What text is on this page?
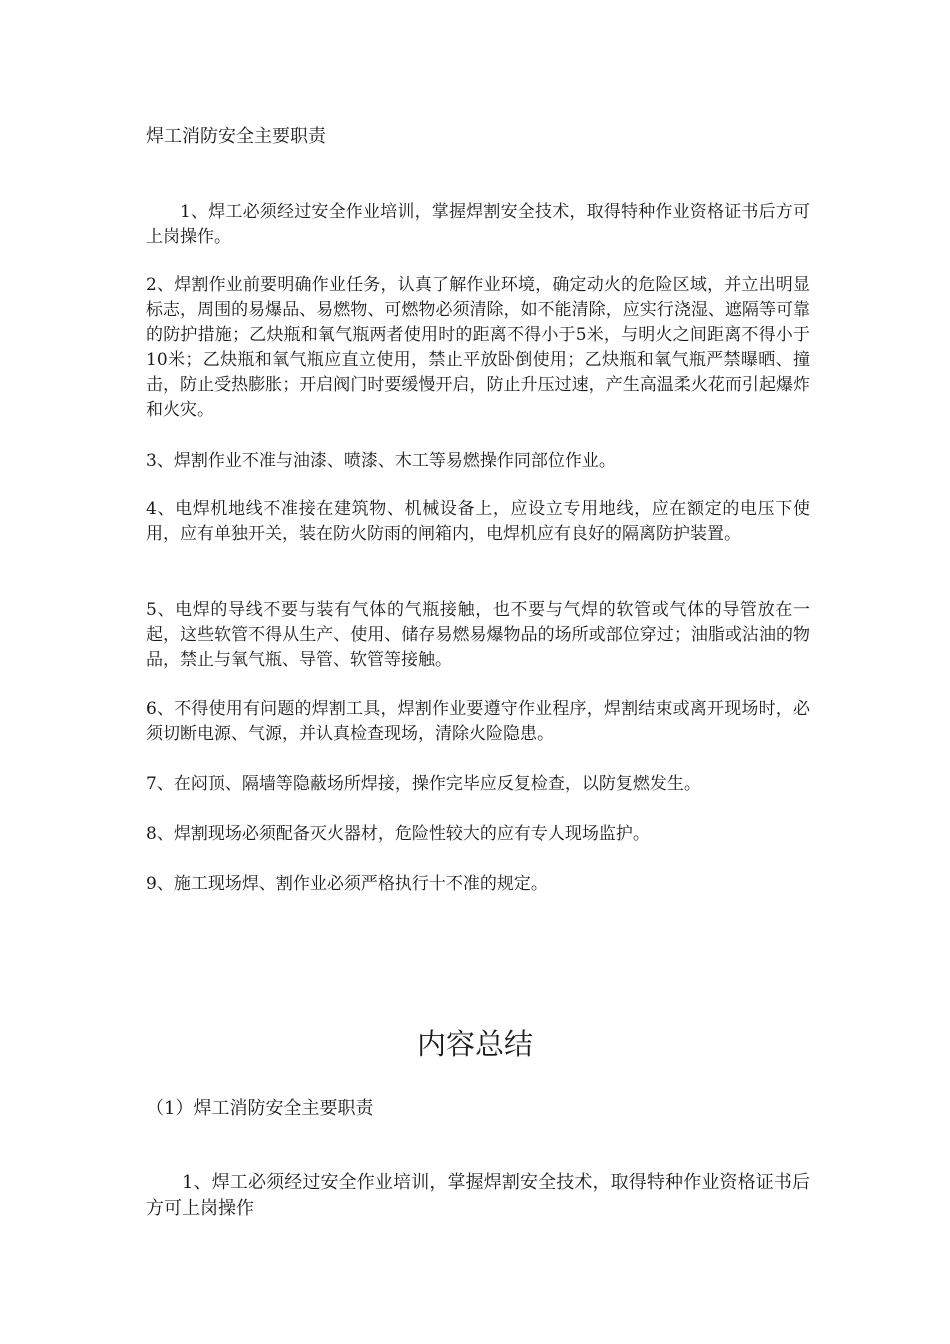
焊工消防安全主要职责

1、焊工必须经过安全作业培训，掌握焊割安全技术，取得特种作业资格证书后方可上岗操作。

2、焊割作业前要明确作业任务，认真了解作业环境，确定动火的危险区域，并立出明显标志，周围的易爆品、易燃物、可燃物必须清除，如不能清除，应实行浇湿、遮隔等可靠的防护措施；乙炔瓶和氧气瓶两者使用时的距离不得小于5米，与明火之间距离不得小于10米；乙炔瓶和氧气瓶应直立使用，禁止平放卧倒使用；乙炔瓶和氧气瓶严禁曝晒、撞击，防止受热膨胀；开启阀门时要缓慢开启，防止升压过速，产生高温柔火花而引起爆炸和火灾。

3、焊割作业不准与油漆、喷漆、木工等易燃操作同部位作业。

4、电焊机地线不准接在建筑物、机械设备上，应设立专用地线，应在额定的电压下使用，应有单独开关，装在防火防雨的闸箱内，电焊机应有良好的隔离防护装置。

5、电焊的导线不要与装有气体的气瓶接触，也不要与气焊的软管或气体的导管放在一起，这些软管不得从生产、使用、储存易燃易爆物品的场所或部位穿过；油脂或沾油的物品，禁止与氧气瓶、导管、软管等接触。

6、不得使用有问题的焊割工具，焊割作业要遵守作业程序，焊割结束或离开现场时，必须切断电源、气源，并认真检查现场，清除火险隐患。

7、在闷顶、隔墙等隐蔽场所焊接，操作完毕应反复检查，以防复燃发生。

8、焊割现场必须配备灭火器材，危险性较大的应有专人现场监护。

9、施工现场焊、割作业必须严格执行十不准的规定。

内容总结

（1）焊工消防安全主要职责

1、焊工必须经过安全作业培训，掌握焊割安全技术，取得特种作业资格证书后方可上岗操作
